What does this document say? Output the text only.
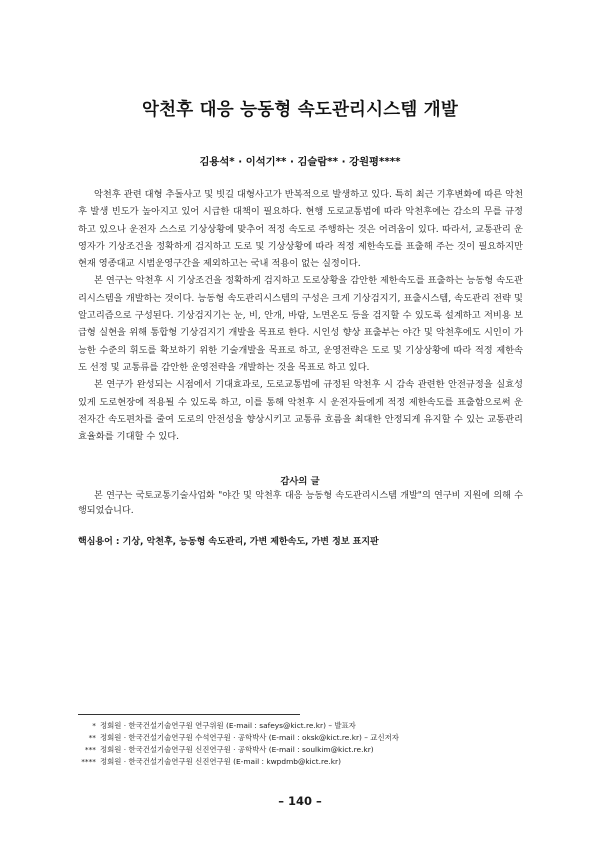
악천후 대응 능동형 속도관리시스템 개발
김용석* · 이석기** · 김슬람** · 강원평****

악천후 관련 대형 추돌사고 및 빗길 대형사고가 반복적으로 발생하고 있다. 특히 최근 기후변화에 따른 악천후 발생 빈도가 높아지고 있어 시급한 대책이 필요하다. 현행 도로교통법에 따라 악천후에는 감소의 무를 규정하고 있으나 운전자 스스로 기상상황에 맞추어 적정 속도로 주행하는 것은 어려움이 있다. 따라서, 교통관리 운영자가 기상조건을 정확하게 검지하고 도로 및 기상상황에 따라 적정 제한속도를 표출해 주는 것이 필요하지만 현재 영종대교 시범운영구간을 제외하고는 국내 적용이 없는 실정이다.

본 연구는 악천후 시 기상조건을 정확하게 검지하고 도로상황을 감안한 제한속도를 표출하는 능동형 속도관리시스템을 개발하는 것이다. 능동형 속도관리시스템의 구성은 크게 기상검지기, 표출시스템, 속도관리 전략 및 알고리즘으로 구성된다. 기상검지기는 눈, 비, 안개, 바람, 노면온도 등을 검지할 수 있도록 설계하고 저비용 보급형 실현을 위해 통합형 기상검지기 개발을 목표로 한다. 시인성 향상 표출부는 야간 및 악천후에도 시인이 가능한 수준의 휘도를 확보하기 위한 기술개발을 목표로 하고, 운영전략은 도로 및 기상상황에 따라 적정 제한속도 선정 및 교통류를 감안한 운영전략을 개발하는 것을 목표로 하고 있다.

본 연구가 완성되는 시점에서 기대효과로, 도로교통법에 규정된 악천후 시 감속 관련한 안전규정을 실효성있게 도로현장에 적용될 수 있도록 하고, 이를 통해 악천후 시 운전자들에게 적정 제한속도를 표출함으로써 운전자간 속도편차를 줄여 도로의 안전성을 향상시키고 교통류 흐름을 최대한 안정되게 유지할 수 있는 교통관리 효율화를 기대할 수 있다.

감사의 글

본 연구는 국토교통기술사업화 "야간 및 악천후 대응 능동형 속도관리시스템 개발"의 연구비 지원에 의해 수행되었습니다.

핵심용어 : 기상, 악천후, 능동형 속도관리, 가변 제한속도, 가변 정보 표지판
* 정회원 · 한국건설기술연구원 연구위원 (E-mail : safeys@kict.re.kr) – 발표자
** 정회원 · 한국건설기술연구원 수석연구원 · 공학박사 (E-mail : oksk@kict.re.kr) – 교신저자
*** 정회원 · 한국건설기술연구원 신진연구원 · 공학박사 (E-mail : soulkim@kict.re.kr)
**** 정회원 · 한국건설기술연구원 신진연구원 (E-mail : kwpdmb@kict.re.kr)
– 140 –
